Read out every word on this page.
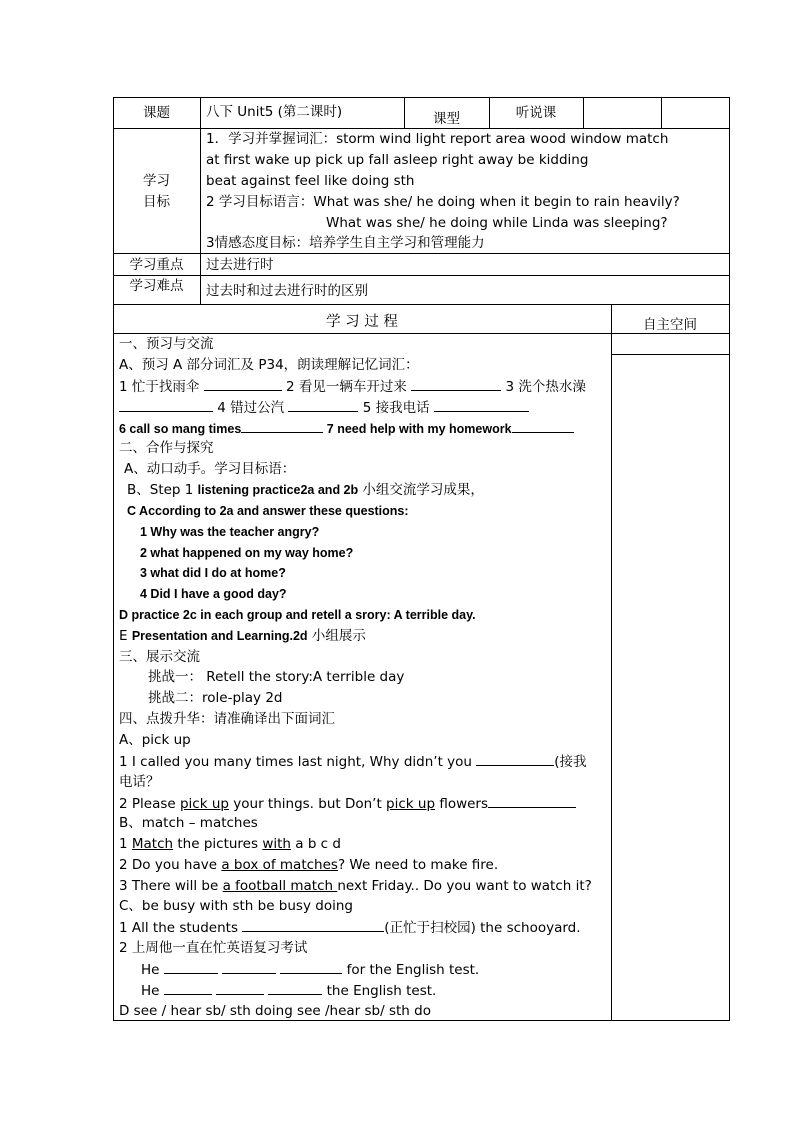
课题	八下 Unit5 (第二课时)	课型	听说课
学习
目标
1．学习并掌握词汇：storm wind light report area wood window match
at first wake up pick up fall asleep right away be kidding
beat against feel like doing sth
2 学习目标语言：What was she/ he doing when it begin to rain heavily?
What was she/ he doing while Linda was sleeping?
3情感态度目标：培养学生自主学习和管理能力
学习重点	过去进行时
学习难点	过去时和过去进行时的区别
学 习 过 程	自主空间
一、预习与交流
A、预习 A 部分词汇及 P34，朗读理解记忆词汇：
1 忙于找雨伞	2 看见一辆车开过来	3 洗个热水澡
4 错过公汽	5 接我电话
6 call so mang times	7 need help with my homework
二、合作与探究
A、动口动手。学习目标语：
B、Step 1 listening practice2a and 2b 小组交流学习成果，
C According to 2a and answer these questions:
1 Why was the teacher angry?
2 what happened on my way home?
3 what did I do at home?
4 Did I have a good day?
D practice 2c in each group and retell a srory: A terrible day.
E Presentation and Learning.2d 小组展示
三、展示交流
挑战一： Retell the story:A terrible day
挑战二：role-play 2d
四、点拨升华：请准确译出下面词汇
A、pick up
1 I called you many times last night, Why didn’t you	(接我
电话？
2 Please pick up your things. but Don’t pick up flowers
B、match – matches
1 Match the pictures with a b c d
2 Do you have a box of matches? We need to make fire.
3 There will be a football match next Friday.. Do you want to watch it?
C、be busy with sth be busy doing
1 All the students	(正忙于扫校园) the schooyard.
2 上周他一直在忙英语复习考试
He	for the English test.
He	the English test.
D see / hear sb/ sth doing see /hear sb/ sth do
